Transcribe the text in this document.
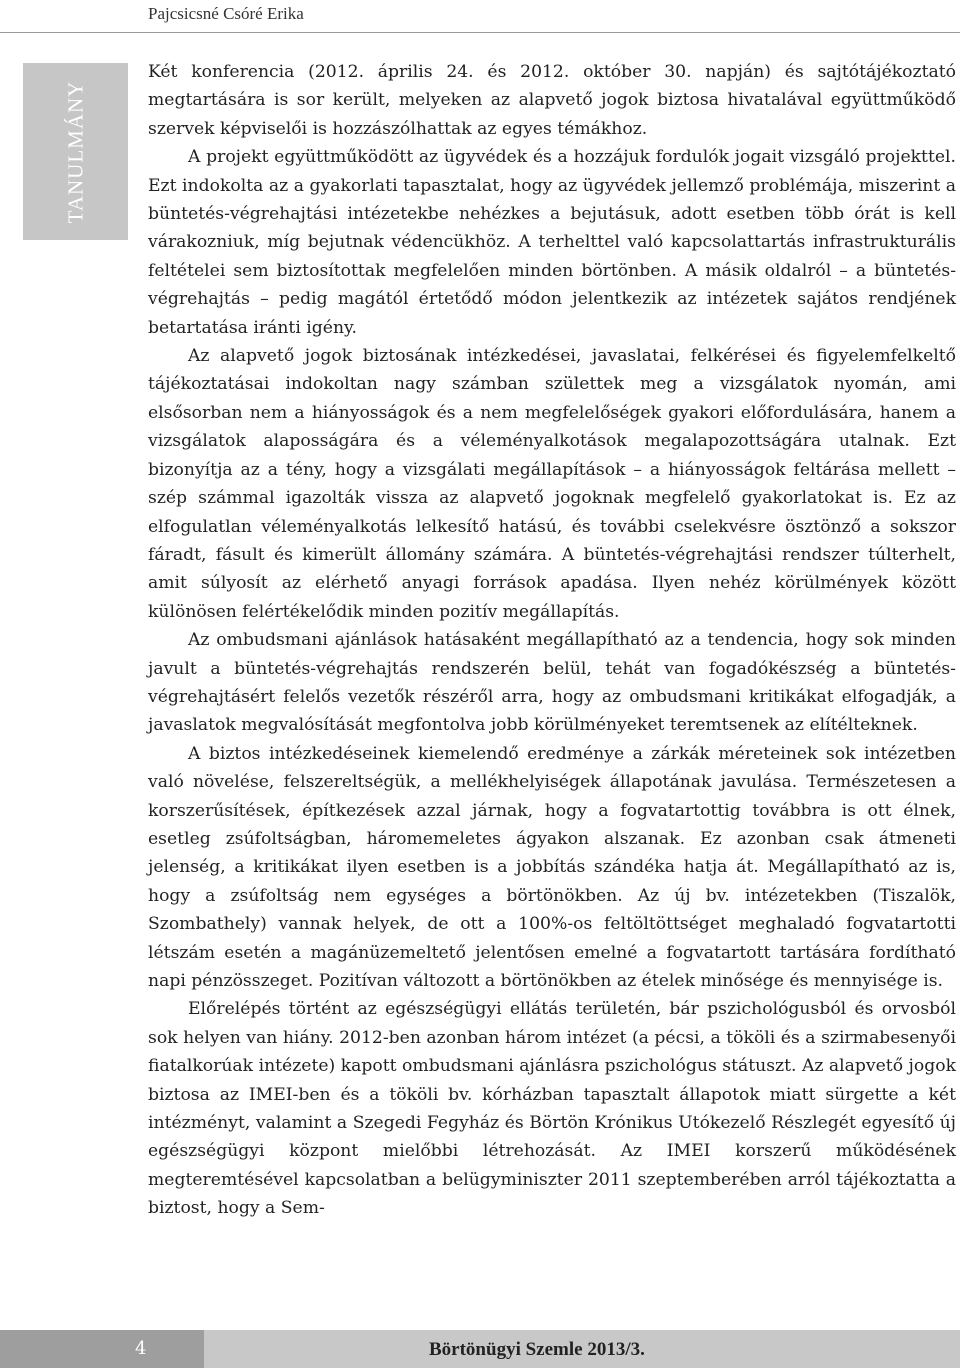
Pajcsicsné Csóré Erika
TANULMÁNY

Két konferencia (2012. április 24. és 2012. október 30. napján) és sajtótájékoztató megtartására is sor került, melyeken az alapvető jogok biztosa hivatalával együttműködő szervek képviselői is hozzászólhattak az egyes témákhoz.

A projekt együttműködött az ügyvédek és a hozzájuk fordulók jogait vizsgáló projekttel. Ezt indokolta az a gyakorlati tapasztalat, hogy az ügyvédek jellemző problémája, miszerint a büntetés-végrehajtási intézetekbe nehézkes a bejutásuk, adott esetben több órát is kell várakozniuk, míg bejutnak védencükhöz. A terhelttel való kapcsolattartás infrastrukturális feltételei sem biztosítottak megfelelően minden börtönben. A másik oldalról – a büntetés-végrehajtás – pedig magától értetődő módon jelentkezik az intézetek sajátos rendjének betartatása iránti igény.

Az alapvető jogok biztosának intézkedései, javaslatai, felkérései és figyelemfelkeltő tájékoztatásai indokoltan nagy számban születtek meg a vizsgálatok nyomán, ami elsősorban nem a hiányosságok és a nem megfelelőségek gyakori előfordulására, hanem a vizsgálatok alaposságára és a véleményalkotások megalapozottságára utalnak. Ezt bizonyítja az a tény, hogy a vizsgálati megállapítások – a hiányosságok feltárása mellett – szép számmal igazolták vissza az alapvető jogoknak megfelelő gyakorlatokat is. Ez az elfogulatlan véleményalkotás lelkesítő hatású, és további cselekvésre ösztönző a sokszor fáradt, fásult és kimerült állomány számára. A büntetés-végrehajtási rendszer túlterhelt, amit súlyosít az elérhető anyagi források apadása. Ilyen nehéz körülmények között különösen felértékelődik minden pozitív megállapítás.

Az ombudsmani ajánlások hatásaként megállapítható az a tendencia, hogy sok minden javult a büntetés-végrehajtás rendszerén belül, tehát van fogadókészség a büntetés-végrehajtásért felelős vezetők részéről arra, hogy az ombudsmani kritikákat elfogadják, a javaslatok megvalósítását megfontolva jobb körülményeket teremtsenek az elítélteknek.

A biztos intézkedéseinek kiemelendő eredménye a zárkák méreteinek sok intézetben való növelése, felszereltségük, a mellékhelyiségek állapotának javulása. Természetesen a korszerűsítések, építkezések azzal járnak, hogy a fogvatartottig továbbra is ott élnek, esetleg zsúfoltságban, háromemeletes ágyakon alszanak. Ez azonban csak átmeneti jelenség, a kritikákat ilyen esetben is a jobbítás szándéka hatja át. Megállapítható az is, hogy a zsúfoltság nem egységes a börtönökben. Az új bv. intézetekben (Tiszalök, Szombathely) vannak helyek, de ott a 100%-os feltöltöttséget meghaladó fogvatartotti létszám esetén a magánüzemeltető jelentősen emelné a fogvatartott tartására fordítható napi pénzösszeget. Pozitívan változott a börtönökben az ételek minősége és mennyisége is.

Előrelépés történt az egészségügyi ellátás területén, bár pszichológusból és orvosból sok helyen van hiány. 2012-ben azonban három intézet (a pécsi, a tököli és a szirmabesenyői fiatalkorúak intézete) kapott ombudsmani ajánlásra pszichológus státuszt. Az alapvető jogok biztosa az IMEI-ben és a tököli bv. kórházban tapasztalt állapotok miatt sürgette a két intézményt, valamint a Szegedi Fegyház és Börtön Krónikus Utókezelő Részlegét egyesítő új egészségügyi központ mielőbbi létrehozását. Az IMEI korszerű működésének megteremtésével kapcsolatban a belügyminiszter 2011 szeptemberében arról tájékoztatta a biztost, hogy a Sem-

4	Börtönügyi Szemle 2013/3.
